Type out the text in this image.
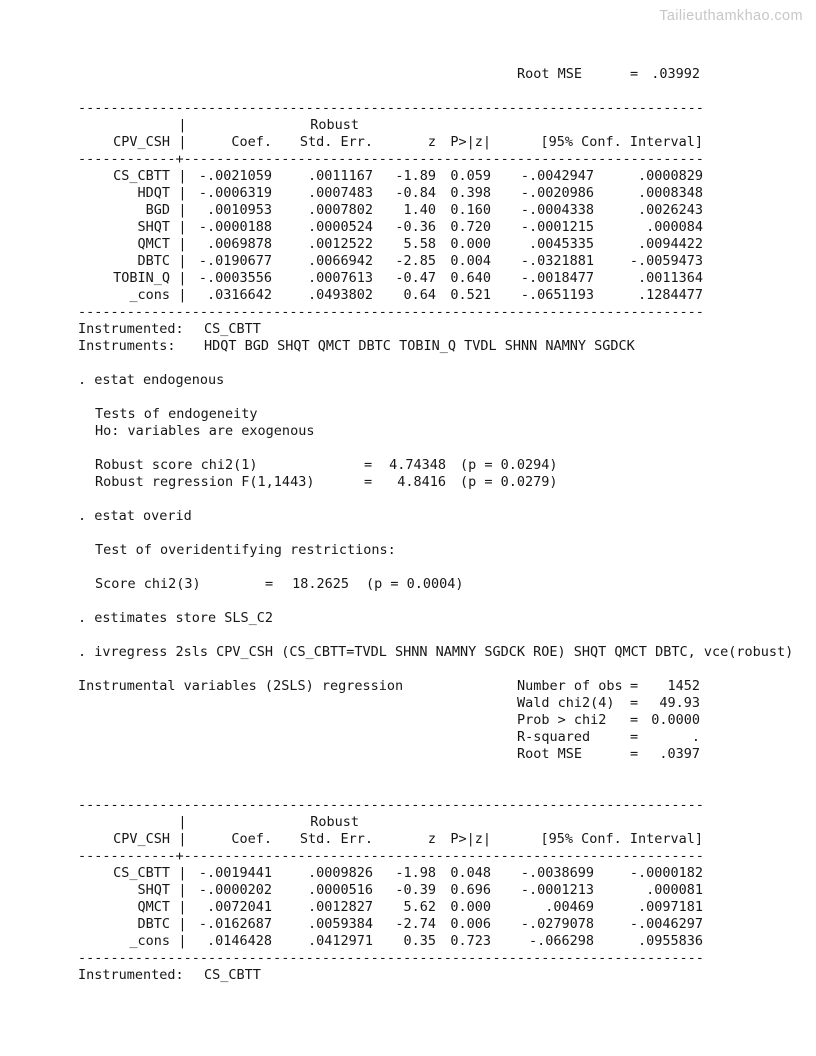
Tailieuthamkhao.com
Root MSE	= .03992
-----------------------------------------------------------------------------
|	Robust
CPV_CSH |	Coef.	Std. Err.	z	P>|z|	[95% Conf. Interval]
------------+----------------------------------------------------------------
CS_CBTT | -.0021059	.0011167	-1.89	0.059	-.0042947	.0000829
HDQT | -.0006319	.0007483	-0.84	0.398	-.0020986	.0008348
BGD |	.0010953	.0007802	1.40	0.160	-.0004338	.0026243
SHQT | -.0000188	.0000524	-0.36	0.720	-.0001215	.000084
QMCT |	.0069878	.0012522	5.58	0.000	.0045335	.0094422
DBTC | -.0190677	.0066942	-2.85	0.004	-.0321881	-.0059473
TOBIN_Q | -.0003556	.0007613	-0.47	0.640	-.0018477	.0011364
_cons |	.0316642	.0493802	0.64	0.521	-.0651193	.1284477
-----------------------------------------------------------------------------
Instrumented:	CS_CBTT
Instruments:	HDQT BGD SHQT QMCT DBTC TOBIN_Q TVDL SHNN NAMNY SGDCK
. estat endogenous
Tests of endogeneity
Ho: variables are exogenous
Robust score chi2(1)	=	4.74348 (p = 0.0294)
Robust regression F(1,1443)	=	4.8416 (p = 0.0279)
. estat overid
Test of overidentifying restrictions:
Score chi2(3)	=	18.2625 (p = 0.0004)
. estimates store SLS_C2
. ivregress 2sls CPV_CSH (CS_CBTT=TVDL SHNN NAMNY SGDCK ROE) SHQT QMCT DBTC, vce(robust)
Instrumental variables (2SLS) regression	Number of obs =	1452
Wald chi2(4)	=	49.93
Prob > chi2	= 0.0000
R-squared	=	.
Root MSE	=	.0397
-----------------------------------------------------------------------------
|	Robust
CPV_CSH |	Coef.	Std. Err.	z	P>|z|	[95% Conf. Interval]
------------+----------------------------------------------------------------
CS_CBTT | -.0019441	.0009826	-1.98	0.048	-.0038699	-.0000182
SHQT | -.0000202	.0000516	-0.39	0.696	-.0001213	.000081
QMCT |	.0072041	.0012827	5.62	0.000	.00469	.0097181
DBTC | -.0162687	.0059384	-2.74	0.006	-.0279078	-.0046297
_cons |	.0146428	.0412971	0.35	0.723	-.066298	.0955836
-----------------------------------------------------------------------------
Instrumented:	CS_CBTT
